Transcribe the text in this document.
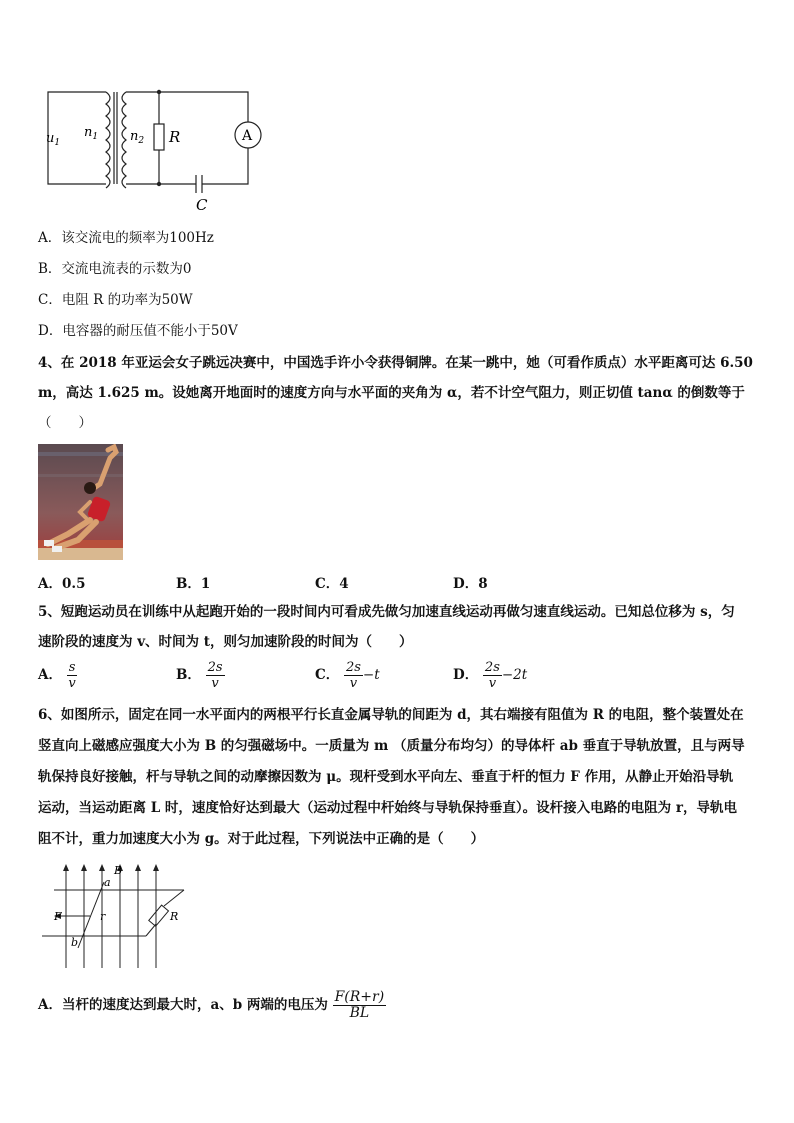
$u_1$
$n_1$ $n_2$ R	A
C
A．该交流电的频率为100Hz
B．交流电流表的示数为0
C．电阻 R 的功率为50W
D．电容器的耐压值不能小于50V
4、在 2018 年亚运会女子跳远决赛中，中国选手许小令获得铜牌。在某一跳中，她（可看作质点）水平距离可达 6.50
m，高达 1.625 m。设她离开地面时的速度方向与水平面的夹角为 α，若不计空气阻力，则正切值 tanα 的倒数等于
（　　）
A．0.5	B．1	C．4	D．8
5、短跑运动员在训练中从起跑开始的一段时间内可看成先做匀加速直线运动再做匀速直线运动。已知总位移为 s，匀
速阶段的速度为 v、时间为 t，则匀加速阶段的时间为（　　）
A． $\frac{s}{v}$	B． $\frac{2s}{v}$	C． $\frac{2s}{v} -t$	D． $\frac{2s}{v} -2t$
6、如图所示，固定在同一水平面内的两根平行长直金属导轨的间距为 d，其右端接有阻值为 R 的电阻，整个装置处在
竖直向上磁感应强度大小为 B 的匀强磁场中。一质量为 m （质量分布均匀）的导体杆 ab 垂直于导轨放置，且与两导
轨保持良好接触，杆与导轨之间的动摩擦因数为 μ。现杆受到水平向左、垂直于杆的恒力 F 作用，从静止开始沿导轨
运动，当运动距离 L 时，速度恰好达到最大（运动过程中杆始终与导轨保持垂直）。设杆接入电路的电阻为 r，导轨电
阻不计，重力加速度大小为 g。对于此过程，下列说法中正确的是（　　）
a
B
F	r
b
R
A．当杆的速度达到最大时，a、b 两端的电压为 $\frac{F(R+r)}{BL}$
